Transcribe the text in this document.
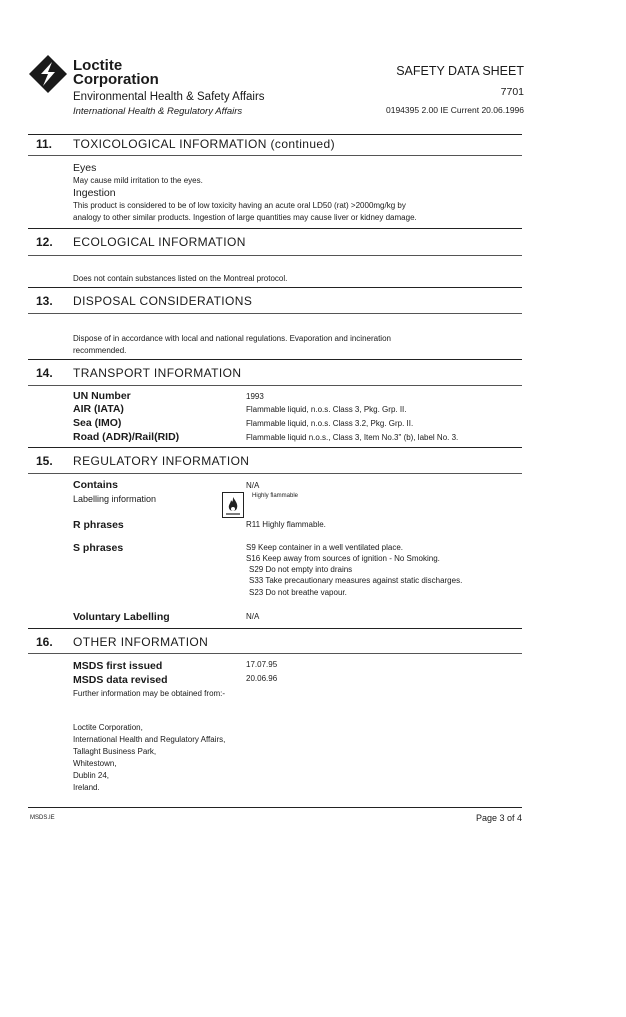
Loctite
Corporation
Environmental Health & Safety Affairs
International Health & Regulatory Affairs
SAFETY DATA SHEET
7701
0194395 2.00 IE Current 20.06.1996
11. TOXICOLOGICAL INFORMATION (continued)
Eyes
May cause mild irritation to the eyes.
Ingestion
This product is considered to be of low toxicity having an acute oral LD50 (rat) >2000mg/kg by
analogy to other similar products. Ingestion of large quantities may cause liver or kidney damage.
12. ECOLOGICAL INFORMATION
Does not contain substances listed on the Montreal protocol.
13. DISPOSAL CONSIDERATIONS
Dispose of in accordance with local and national regulations. Evaporation and incineration
recommended.
14. TRANSPORT INFORMATION
UN Number	1993
AIR (IATA)	Flammable liquid, n.o.s. Class 3, Pkg. Grp. II.
Sea (IMO)	Flammable liquid, n.o.s. Class 3.2, Pkg. Grp. II.
Road (ADR)/Rail(RID)	Flammable liquid n.o.s., Class 3, Item No.3" (b), label No. 3.
15. REGULATORY INFORMATION
Contains	N/A
Labelling information	Highly flammable
R phrases	R11 Highly flammable.
S phrases	S9 Keep container in a well ventilated place.
S16 Keep away from sources of ignition - No Smoking.
S29 Do not empty into drains
S33 Take precautionary measures against static discharges.
S23 Do not breathe vapour.
Voluntary Labelling	N/A
16. OTHER INFORMATION
MSDS first issued	17.07.95
MSDS data revised	20.06.96
Further information may be obtained from:-
Loctite Corporation,
International Health and Regulatory Affairs,
Tallaght Business Park,
Whitestown,
Dublin 24,
Ireland.
MSDS.IE	Page 3 of 4
